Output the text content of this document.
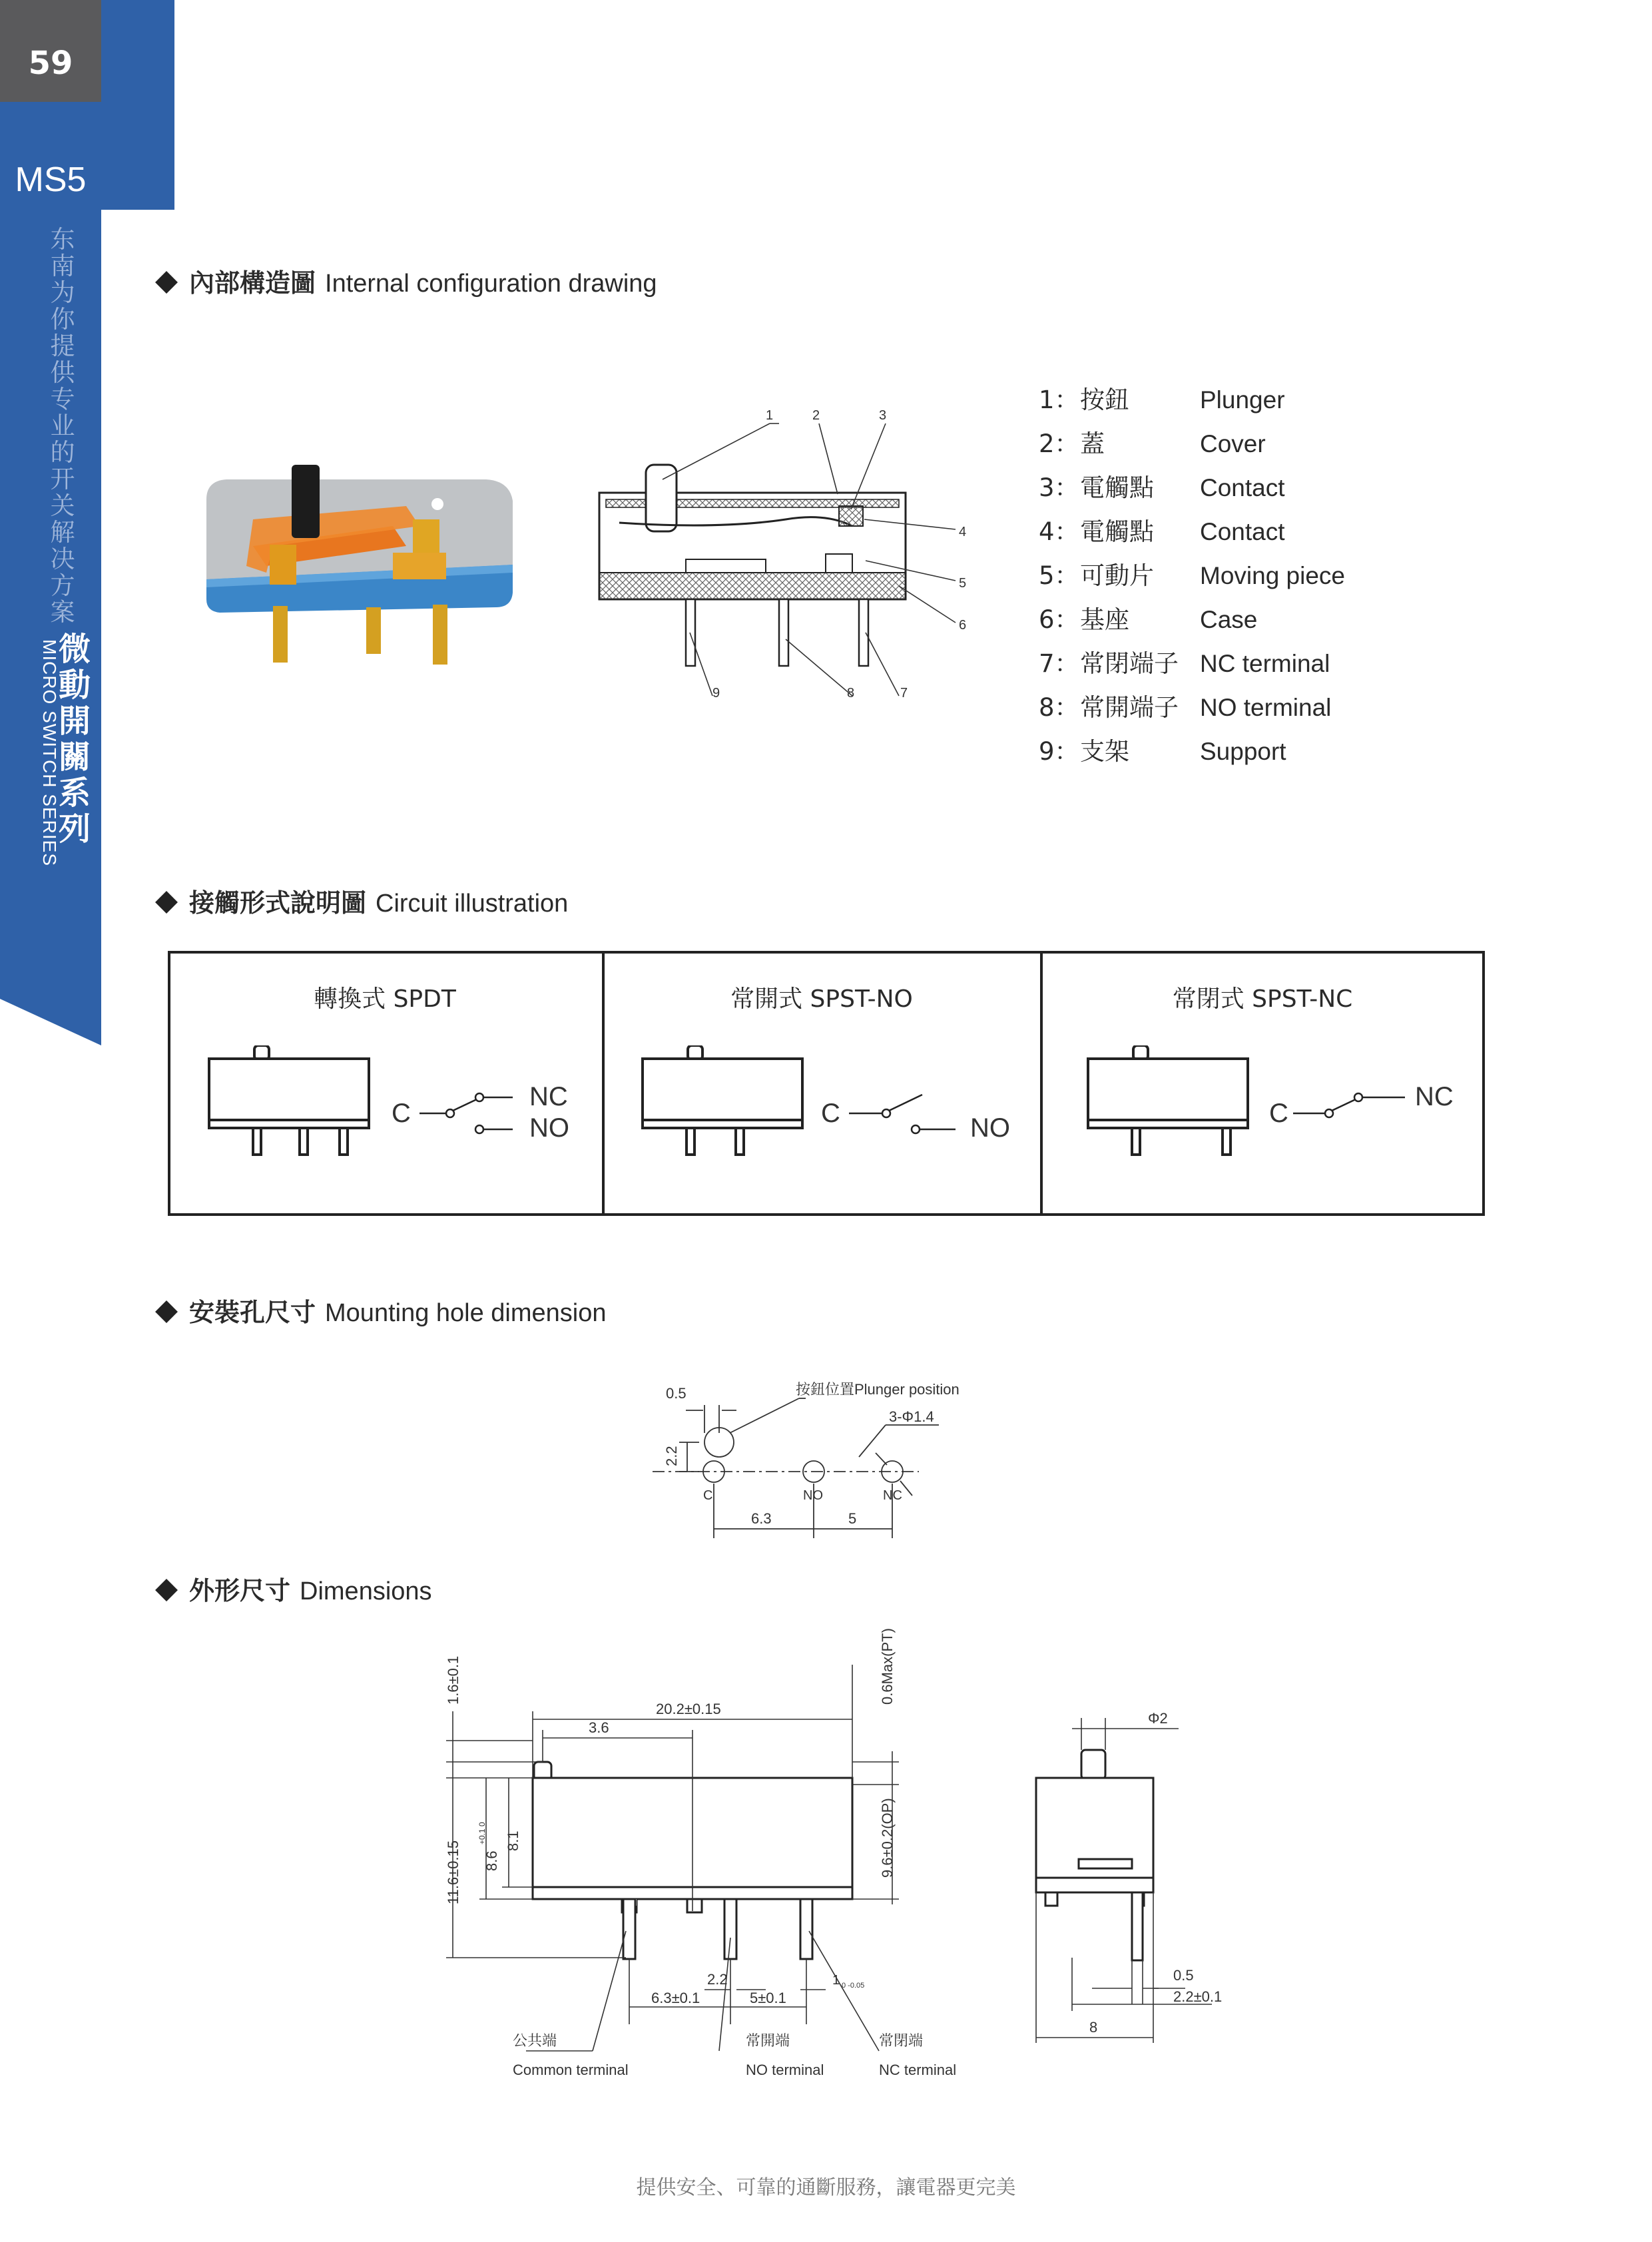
59
MS5
东
南
为
你
提
供
专
业
的
开
关
解
决
方
案
微
動
開
關
系
列
MICRO SWITCH SERIES
內部構造圖 Internal configuration drawing
1	2	3
4
5
6
7
8
9
1：按鈕	Plunger
2：蓋	Cover
3：電觸點 Contact
4：電觸點 Contact
5：可動片 Moving piece
6：基座	Case
7：常閉端子 NC terminal
8：常開端子 NO terminal
9：支架	Support
接觸形式說明圖 Circuit illustration
轉換式 SPDT	常開式 SPST-NO	常閉式 SPST-NC
C
NC
NO	C	NO	C
NC
安裝孔尺寸 Mounting hole dimension
0.5	按鈕位置Plunger position
3-Φ1.4
2.2
C	NO	NC
6.3	5
外形尺寸 Dimensions
20.2±0.15
3.6
1.6±0.1	0.6Max(PT)
11.6±0.15 8.6
+0.1 0 8.1	9.6±0.2(OP)
2.2	1 0 -0.05
6.3±0.1	5±0.1
公共端
Common terminal
常開端
NO terminal
常閉端
NC terminal
Φ2
0.5
2.2±0.1
8
提供安全、可靠的通斷服務，讓電器更完美
